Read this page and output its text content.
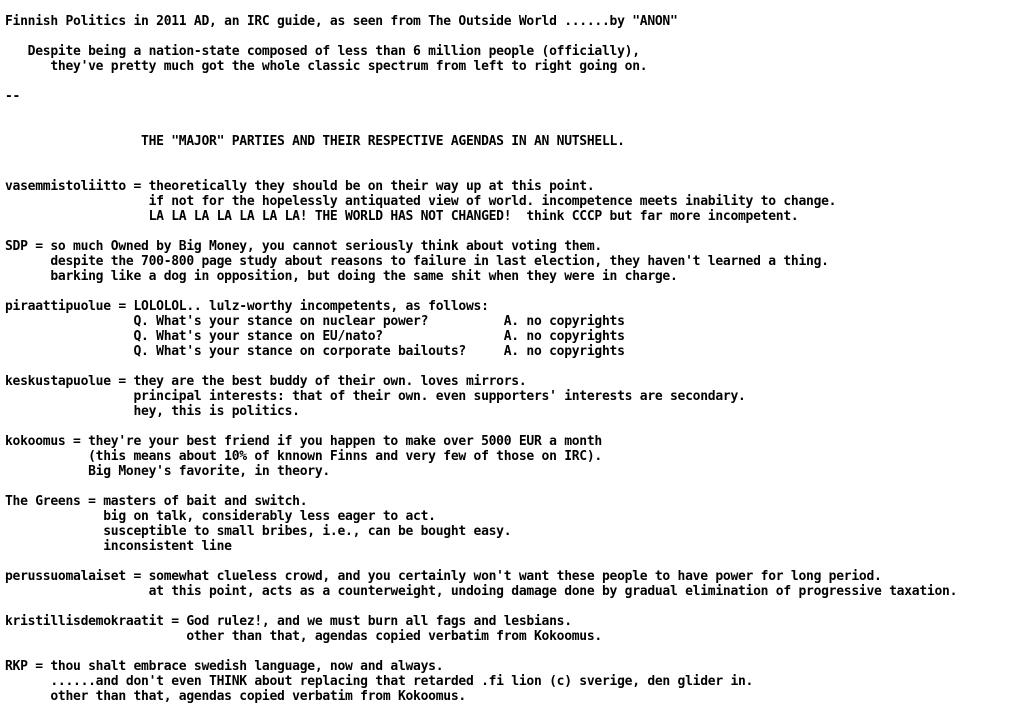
Finnish Politics in 2011 AD, an IRC guide, as seen from The Outside World ......by "ANON"
Despite being a nation-state composed of less than 6 million people (officially),
they've pretty much got the whole classic spectrum from left to right going on.
--
THE "MAJOR" PARTIES AND THEIR RESPECTIVE AGENDAS IN AN NUTSHELL.
vasemmistoliitto = theoretically they should be on their way up at this point.
if not for the hopelessly antiquated view of world. incompetence meets inability to change.
LA LA LA LA LA LA LA! THE WORLD HAS NOT CHANGED!  think CCCP but far more incompetent.
SDP = so much Owned by Big Money, you cannot seriously think about voting them.
despite the 700-800 page study about reasons to failure in last election, they haven't learned a thing.
barking like a dog in opposition, but doing the same shit when they were in charge.
piraattipuolue = LOLOLOL.. lulz-worthy incompetents, as follows:
Q. What's your stance on nuclear power?          A. no copyrights
Q. What's your stance on EU/nato?                A. no copyrights
Q. What's your stance on corporate bailouts?     A. no copyrights
keskustapuolue = they are the best buddy of their own. loves mirrors.
principal interests: that of their own. even supporters' interests are secondary.
hey, this is politics.
kokoomus = they're your best friend if you happen to make over 5000 EUR a month
(this means about 10% of knnown Finns and very few of those on IRC).
Big Money's favorite, in theory.
The Greens = masters of bait and switch.
big on talk, considerably less eager to act.
susceptible to small bribes, i.e., can be bought easy.
inconsistent line
perussuomalaiset = somewhat clueless crowd, and you certainly won't want these people to have power for long period.
at this point, acts as a counterweight, undoing damage done by gradual elimination of progressive taxation.
kristillisdemokraatit = God rulez!, and we must burn all fags and lesbians.
other than that, agendas copied verbatim from Kokoomus.
RKP = thou shalt embrace swedish language, now and always.
......and don't even THINK about replacing that retarded .fi lion (c) sverige, den glider in.
other than that, agendas copied verbatim from Kokoomus.
